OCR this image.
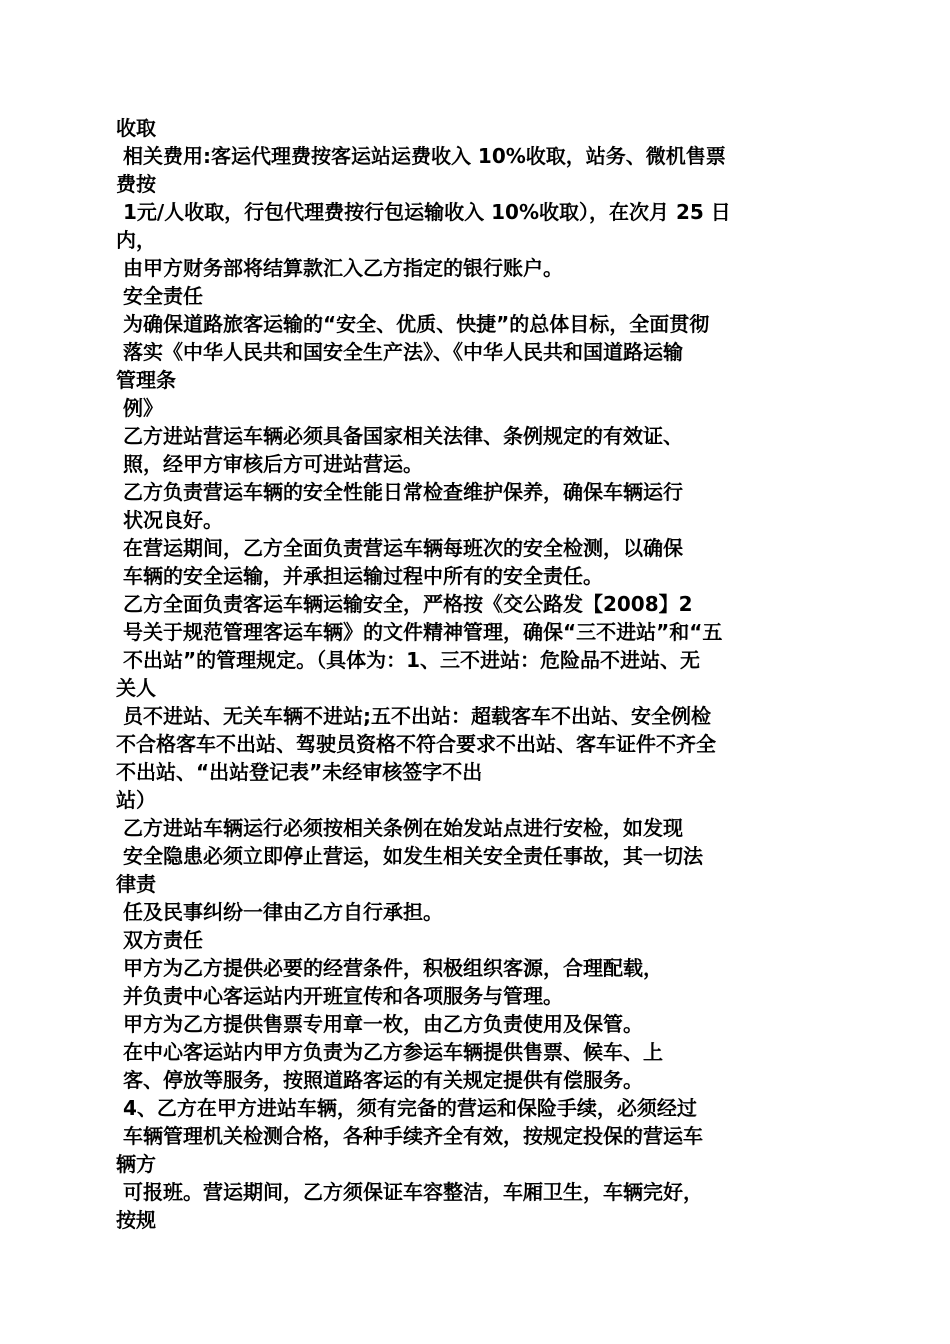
收取
相关费用:客运代理费按客运站运费收入 10%收取，站务、微机售票
费按
1元/人收取，行包代理费按行包运输收入 10%收取），在次月 25 日
内，
由甲方财务部将结算款汇入乙方指定的银行账户。
安全责任
为确保道路旅客运输的“安全、优质、快捷”的总体目标，全面贯彻
落实《中华人民共和国安全生产法》、《中华人民共和国道路运输
管理条
例》
乙方进站营运车辆必须具备国家相关法律、条例规定的有效证、
照，经甲方审核后方可进站营运。
乙方负责营运车辆的安全性能日常检查维护保养，确保车辆运行
状况良好。
在营运期间，乙方全面负责营运车辆每班次的安全检测，以确保
车辆的安全运输，并承担运输过程中所有的安全责任。
乙方全面负责客运车辆运输安全，严格按《交公路发【2008】2
号关于规范管理客运车辆》的文件精神管理，确保“三不进站”和“五
不出站”的管理规定。（具体为：1、三不进站：危险品不进站、无
关人
员不进站、无关车辆不进站;五不出站：超载客车不出站、安全例检
不合格客车不出站、驾驶员资格不符合要求不出站、客车证件不齐全
不出站、“出站登记表”未经审核签字不出
站）
乙方进站车辆运行必须按相关条例在始发站点进行安检，如发现
安全隐患必须立即停止营运，如发生相关安全责任事故，其一切法
律责
任及民事纠纷一律由乙方自行承担。
双方责任
甲方为乙方提供必要的经营条件，积极组织客源，合理配载，
并负责中心客运站内开班宣传和各项服务与管理。
甲方为乙方提供售票专用章一枚，由乙方负责使用及保管。
在中心客运站内甲方负责为乙方参运车辆提供售票、候车、上
客、停放等服务，按照道路客运的有关规定提供有偿服务。
4、乙方在甲方进站车辆，须有完备的营运和保险手续，必须经过
车辆管理机关检测合格，各种手续齐全有效，按规定投保的营运车
辆方
可报班。营运期间，乙方须保证车容整洁，车厢卫生，车辆完好，
按规
